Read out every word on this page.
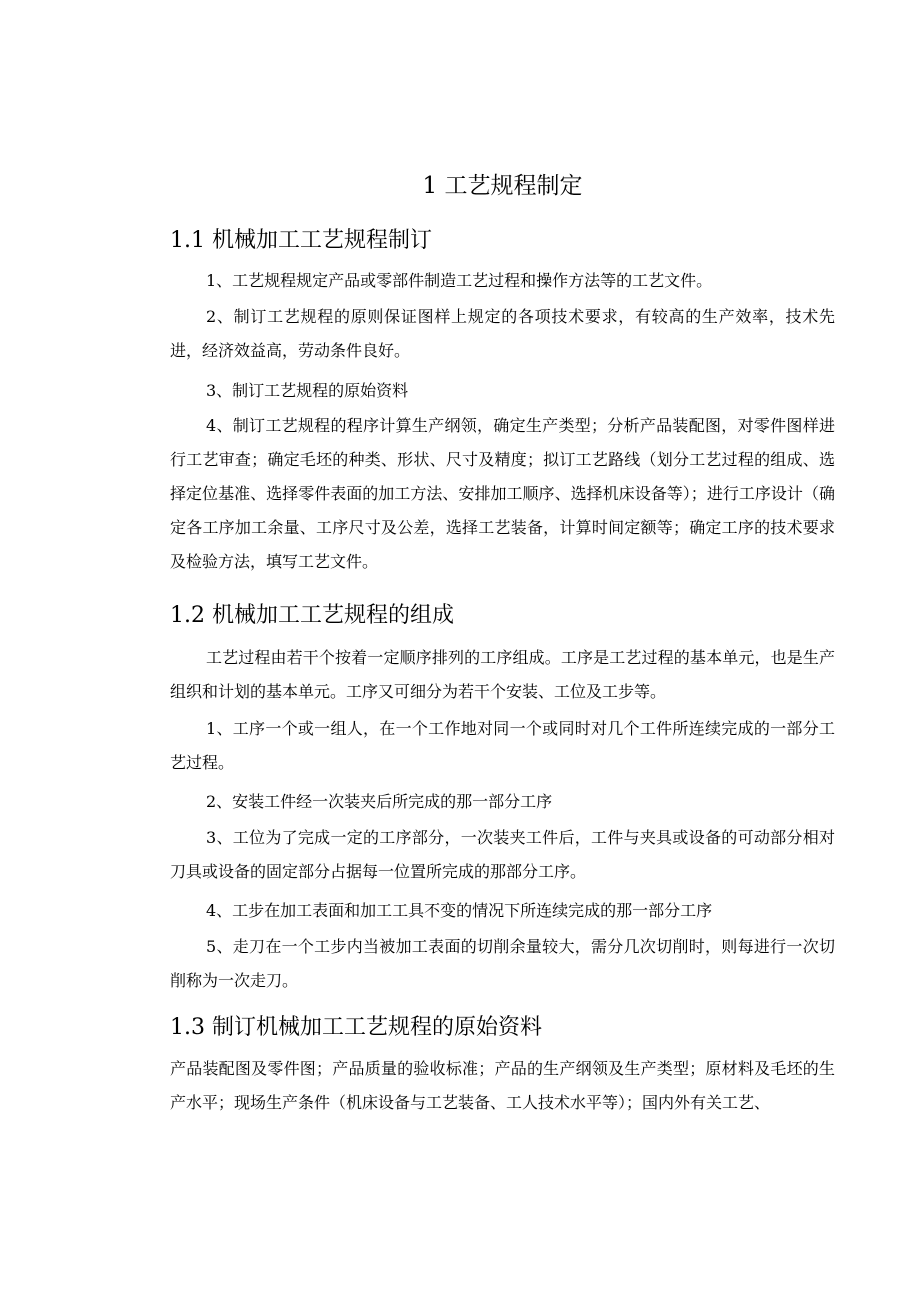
1 工艺规程制定
1.1 机械加工工艺规程制订

1、工艺规程规定产品或零部件制造工艺过程和操作方法等的工艺文件。

2、制订工艺规程的原则保证图样上规定的各项技术要求，有较高的生产效率，技术先进，经济效益高，劳动条件良好。

3、制订工艺规程的原始资料

4、制订工艺规程的程序计算生产纲领，确定生产类型；分析产品装配图，对零件图样进行工艺审查；确定毛坯的种类、形状、尺寸及精度；拟订工艺路线（划分工艺过程的组成、选择定位基准、选择零件表面的加工方法、安排加工顺序、选择机床设备等）；进行工序设计（确定各工序加工余量、工序尺寸及公差，选择工艺装备，计算时间定额等；确定工序的技术要求及检验方法，填写工艺文件。

1.2 机械加工工艺规程的组成

工艺过程由若干个按着一定顺序排列的工序组成。工序是工艺过程的基本单元，也是生产组织和计划的基本单元。工序又可细分为若干个安装、工位及工步等。

1、工序一个或一组人，在一个工作地对同一个或同时对几个工件所连续完成的一部分工艺过程。

2、安装工件经一次装夹后所完成的那一部分工序

3、工位为了完成一定的工序部分，一次装夹工件后，工件与夹具或设备的可动部分相对刀具或设备的固定部分占据每一位置所完成的那部分工序。

4、工步在加工表面和加工工具不变的情况下所连续完成的那一部分工序

5、走刀在一个工步内当被加工表面的切削余量较大，需分几次切削时，则每进行一次切削称为一次走刀。

1.3 制订机械加工工艺规程的原始资料

产品装配图及零件图；产品质量的验收标准；产品的生产纲领及生产类型；原材料及毛坯的生产水平；现场生产条件（机床设备与工艺装备、工人技术水平等）；国内外有关工艺、
